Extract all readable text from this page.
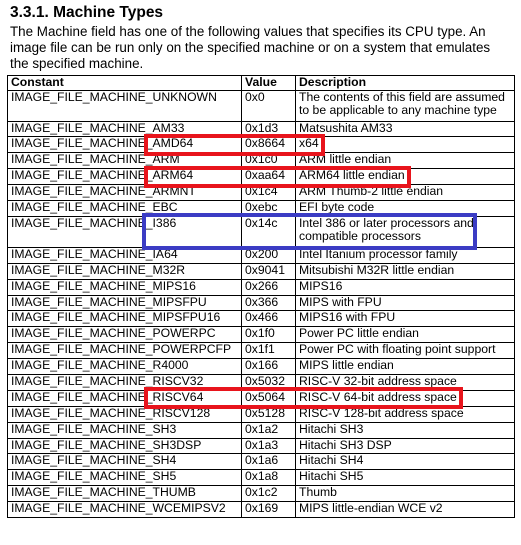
3.3.1. Machine Types
The Machine field has one of the following values that specifies its CPU type. An
image file can be run only on the specified machine or on a system that emulates
the specified machine.
Constant	Value	Description
IMAGE_FILE_MACHINE_UNKNOWN	0x0	The contents of this field are assumed
to be applicable to any machine type

IMAGE_FILE_MACHINE_AM33	0x1d3	Matsushita AM33

IMAGE_FILE_MACHINE_AMD64	0x8664	x64

IMAGE_FILE_MACHINE_ARM	0x1c0	ARM little endian

IMAGE_FILE_MACHINE_ARM64	0xaa64	ARM64 little endian

IMAGE_FILE_MACHINE_ARMNT	0x1c4	ARM Thumb-2 little endian

IMAGE_FILE_MACHINE_EBC	0xebc	EFI byte code

IMAGE_FILE_MACHINE_I386	0x14c	Intel 386 or later processors and
compatible processors

IMAGE_FILE_MACHINE_IA64	0x200	Intel Itanium processor family

IMAGE_FILE_MACHINE_M32R	0x9041	Mitsubishi M32R little endian

IMAGE_FILE_MACHINE_MIPS16	0x266	MIPS16

IMAGE_FILE_MACHINE_MIPSFPU	0x366	MIPS with FPU

IMAGE_FILE_MACHINE_MIPSFPU16	0x466	MIPS16 with FPU

IMAGE_FILE_MACHINE_POWERPC	0x1f0	Power PC little endian

IMAGE_FILE_MACHINE_POWERPCFP	0x1f1	Power PC with floating point support

IMAGE_FILE_MACHINE_R4000	0x166	MIPS little endian

IMAGE_FILE_MACHINE_RISCV32	0x5032	RISC-V 32-bit address space

IMAGE_FILE_MACHINE_RISCV64	0x5064	RISC-V 64-bit address space

IMAGE_FILE_MACHINE_RISCV128	0x5128	RISC-V 128-bit address space

IMAGE_FILE_MACHINE_SH3	0x1a2	Hitachi SH3

IMAGE_FILE_MACHINE_SH3DSP	0x1a3	Hitachi SH3 DSP

IMAGE_FILE_MACHINE_SH4	0x1a6	Hitachi SH4

IMAGE_FILE_MACHINE_SH5	0x1a8	Hitachi SH5

IMAGE_FILE_MACHINE_THUMB	0x1c2	Thumb

IMAGE_FILE_MACHINE_WCEMIPSV2	0x169	MIPS little-endian WCE v2
